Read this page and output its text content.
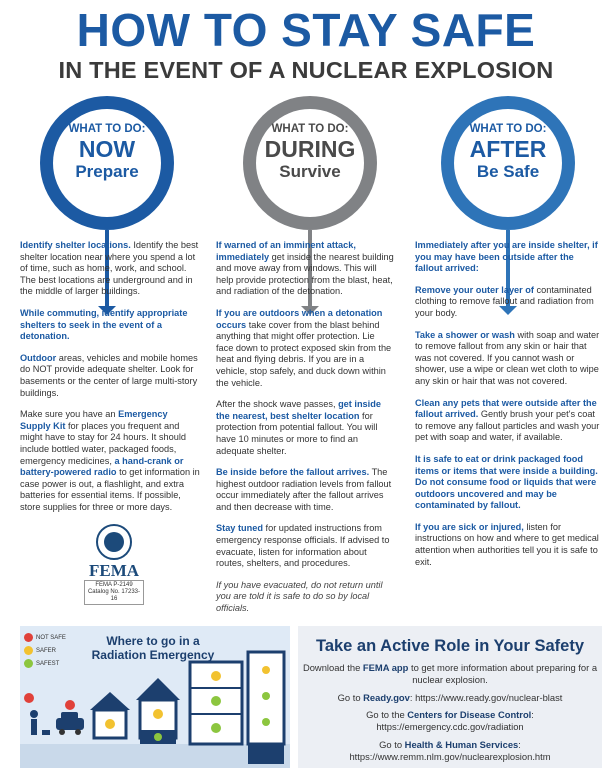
HOW TO STAY SAFE
IN THE EVENT OF A NUCLEAR EXPLOSION
WHAT TO DO:
NOW
Prepare
WHAT TO DO:
DURING
Survive
WHAT TO DO:
AFTER
Be Safe

Identify shelter locations. Identify the best shelter location near where you spend a lot of time, such as home, work, and school. The best locations are underground and in the middle of larger buildings.

While commuting, identify appropriate shelters to seek in the event of a detonation.

Outdoor areas, vehicles and mobile homes do NOT provide adequate shelter. Look for basements or the center of large multi-story buildings.

Make sure you have an Emergency Supply Kit for places you frequent and might have to stay for 24 hours. It should include bottled water, packaged foods, emergency medicines, a hand-crank or battery-powered radio to get information in case power is out, a flashlight, and extra batteries for essential items. If possible, store supplies for three or more days.

FEMA
FEMA P-2149
Catalog No. 17233-16

If warned of an imminent attack, immediately get inside the nearest building and move away from windows. This will help provide protection from the blast, heat, and radiation of the detonation.

If you are outdoors when a detonation occurs take cover from the blast behind anything that might offer protection. Lie face down to protect exposed skin from the heat and flying debris. If you are in a vehicle, stop safely, and duck down within the vehicle.

After the shock wave passes, get inside the nearest, best shelter location for protection from potential fallout. You will have 10 minutes or more to find an adequate shelter.

Be inside before the fallout arrives. The highest outdoor radiation levels from fallout occur immediately after the fallout arrives and then decrease with time.

Stay tuned for updated instructions from emergency response officials. If advised to evacuate, listen for information about routes, shelters, and procedures.

If you have evacuated, do not return until you are told it is safe to do so by local officials.

Immediately after you are inside shelter, if you may have been outside after the fallout arrived:

Remove your outer layer of contaminated clothing to remove fallout and radiation from your body.

Take a shower or wash with soap and water to remove fallout from any skin or hair that was not covered. If you cannot wash or shower, use a wipe or clean wet cloth to wipe any skin or hair that was not covered.

Clean any pets that were outside after the fallout arrived. Gently brush your pet's coat to remove any fallout particles and wash your pet with soap and water, if available.

It is safe to eat or drink packaged food items or items that were inside a building. Do not consume food or liquids that were outdoors uncovered and may be contaminated by fallout.

If you are sick or injured, listen for instructions on how and where to get medical attention when authorities tell you it is safe to exit.

NOT SAFE
SAFER
SAFEST
Where to go in a Radiation Emergency	Take an Active Role in Your Safety
Download the FEMA app to get more information about preparing for a nuclear explosion.
Go to Ready.gov: https://www.ready.gov/nuclear-blast
Go to the Centers for Disease Control:
https://emergency.cdc.gov/radiation
Go to Health & Human Services:
https://www.remm.nlm.gov/nuclearexplosion.htm
